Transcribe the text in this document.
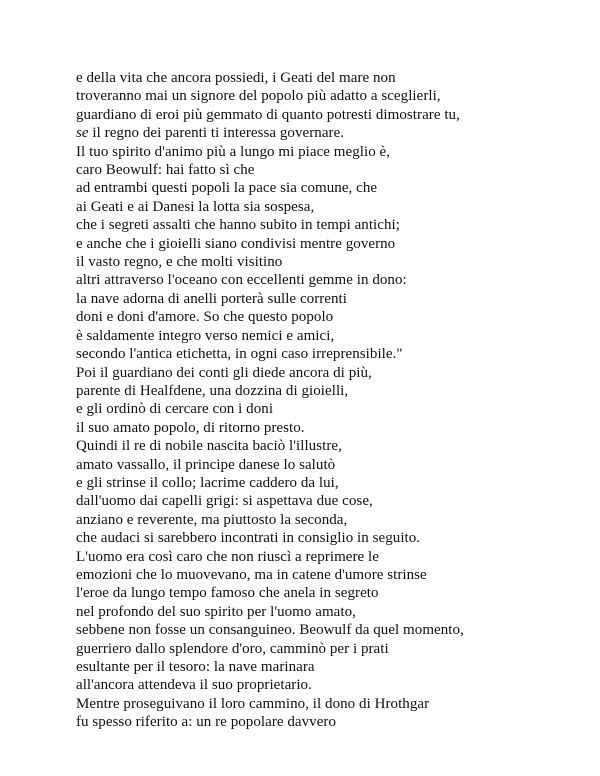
e della vita che ancora possiedi, i Geati del mare non
troveranno mai un signore del popolo più adatto a sceglierli,
guardiano di eroi più gemmato di quanto potresti dimostrare tu,
se il regno dei parenti ti interessa governare.
Il tuo spirito d'animo più a lungo mi piace meglio è,
caro Beowulf: hai fatto sì che
ad entrambi questi popoli la pace sia comune, che
ai Geati e ai Danesi la lotta sia sospesa,
che i segreti assalti che hanno subito in tempi antichi;
e anche che i gioielli siano condivisi mentre governo
il vasto regno, e che molti visitino
altri attraverso l'oceano con eccellenti gemme in dono:
la nave adorna di anelli porterà sulle correnti
doni e doni d'amore. So che questo popolo
è saldamente integro verso nemici e amici,
secondo l'antica etichetta, in ogni caso irreprensibile."
Poi il guardiano dei conti gli diede ancora di più,
parente di Healfdene, una dozzina di gioielli,
e gli ordinò di cercare con i doni
il suo amato popolo, di ritorno presto.
Quindi il re di nobile nascita baciò l'illustre,
amato vassallo, il principe danese lo salutò
e gli strinse il collo; lacrime caddero da lui,
dall'uomo dai capelli grigi: si aspettava due cose,
anziano e reverente, ma piuttosto la seconda,
che audaci si sarebbero incontrati in consiglio in seguito.
L'uomo era così caro che non riuscì a reprimere le
emozioni che lo muovevano, ma in catene d'umore strinse
l'eroe da lungo tempo famoso che anela in segreto
nel profondo del suo spirito per l'uomo amato,
sebbene non fosse un consanguineo. Beowulf da quel momento,
guerriero dallo splendore d'oro, camminò per i prati
esultante per il tesoro: la nave marinara
all'ancora attendeva il suo proprietario.
Mentre proseguivano il loro cammino, il dono di Hrothgar
fu spesso riferito a: un re popolare davvero
